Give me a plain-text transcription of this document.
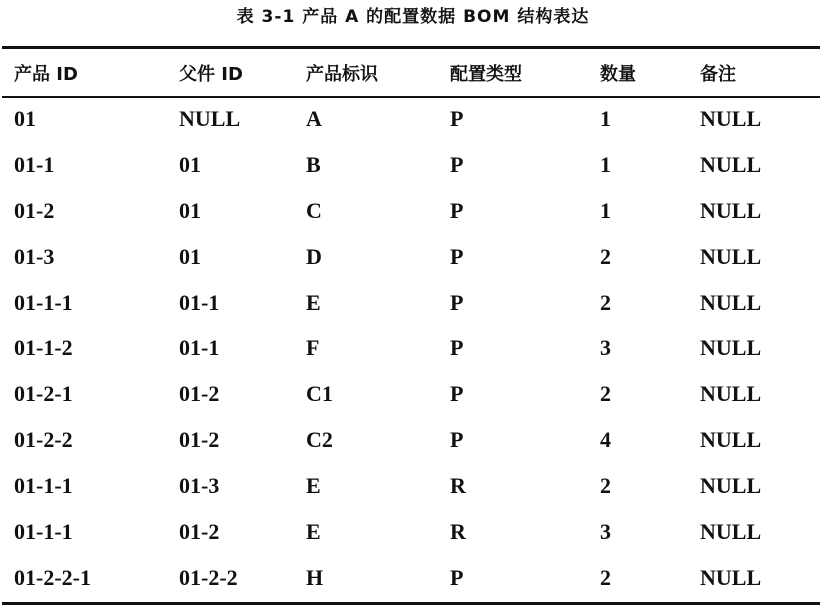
表 3-1 产品 A 的配置数据 BOM 结构表达
产品 ID	父件 ID	产品标识	配置类型	数量	备注
01	NULL	A	P	1	NULL
01-1	01	B	P	1	NULL
01-2	01	C	P	1	NULL
01-3	01	D	P	2	NULL
01-1-1	01-1	E	P	2	NULL
01-1-2	01-1	F	P	3	NULL
01-2-1	01-2	C1	P	2	NULL
01-2-2	01-2	C2	P	4	NULL
01-1-1	01-3	E	R	2	NULL
01-1-1	01-2	E	R	3	NULL
01-2-2-1	01-2-2	H	P	2	NULL
